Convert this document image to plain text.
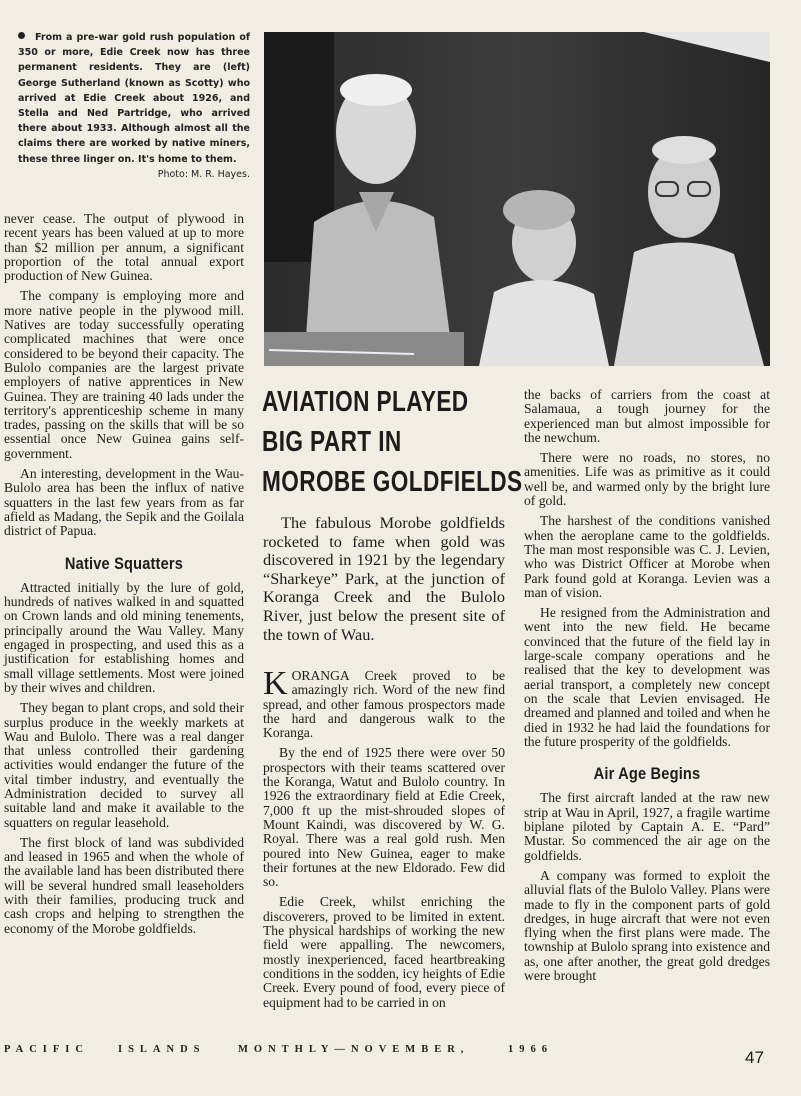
From a pre-war gold rush population of 350 or more, Edie Creek now has three permanent residents. They are (left) George Sutherland (known as Scotty) who arrived at Edie Creek about 1926, and Stella and Ned Partridge, who arrived there about 1933. Although almost all the claims there are worked by native miners, these three linger on. It's home to them.
Photo: M. R. Hayes.

never cease. The output of plywood in recent years has been valued at up to more than $2 million per annum, a significant proportion of the total annual export production of New Guinea.

The company is employing more and more native people in the plywood mill. Natives are today successfully operating complicated machines that were once considered to be beyond their capacity. The Bulolo companies are the largest private employers of native apprentices in New Guinea. They are training 40 lads under the territory's apprenticeship scheme in many trades, passing on the skills that will be so essential once New Guinea gains self-government.

An interesting, development in the Wau-Bulolo area has been the influx of native squatters in the last few years from as far afield as Madang, the Sepik and the Goilala district of Papua.

Native Squatters

Attracted initially by the lure of gold, hundreds of natives walked in and squatted on Crown lands and old mining tenements, principally around the Wau Valley. Many engaged in prospecting, and used this as a justification for establishing homes and small village settlements. Most were joined by their wives and children.

They began to plant crops, and sold their surplus produce in the weekly markets at Wau and Bulolo. There was a real danger that unless controlled their gardening activities would endanger the future of the vital timber industry, and eventually the Administration decided to survey all suitable land and make it available to the squatters on regular leasehold.

The first block of land was subdivided and leased in 1965 and when the whole of the available land has been distributed there will be several hundred small leaseholders with their families, producing truck and cash crops and helping to strengthen the economy of the Morobe goldfields.

AVIATION PLAYED
BIG PART IN
MOROBE GOLDFIELDS

The fabulous Morobe goldfields rocketed to fame when gold was discovered in 1921 by the legendary “Sharkeye” Park, at the junction of Koranga Creek and the Bulolo River, just below the present site of the town of Wau.

KORANGA Creek proved to be amazingly rich. Word of the new find spread, and other famous prospectors made the hard and dangerous walk to the Koranga.

By the end of 1925 there were over 50 prospectors with their teams scattered over the Koranga, Watut and Bulolo country. In 1926 the extraordinary field at Edie Creek, 7,000 ft up the mist-shrouded slopes of Mount Kaindi, was discovered by W. G. Royal. There was a real gold rush. Men poured into New Guinea, eager to make their fortunes at the new Eldorado. Few did so.

Edie Creek, whilst enriching the discoverers, proved to be limited in extent. The physical hardships of working the new field were appalling. The newcomers, mostly inexperienced, faced heartbreaking conditions in the sodden, icy heights of Edie Creek. Every pound of food, every piece of equipment had to be carried in on

the backs of carriers from the coast at Salamaua, a tough journey for the experienced man but almost impossible for the newchum.

There were no roads, no stores, no amenities. Life was as primitive as it could well be, and warmed only by the bright lure of gold.

The harshest of the conditions vanished when the aeroplane came to the goldfields. The man most responsible was C. J. Levien, who was District Officer at Morobe when Park found gold at Koranga. Levien was a man of vision.

He resigned from the Administration and went into the new field. He became convinced that the future of the field lay in large-scale company operations and he realised that the key to development was aerial transport, a completely new concept on the scale that Levien envisaged. He dreamed and planned and toiled and when he died in 1932 he had laid the foundations for the future prosperity of the goldfields.

Air Age Begins

The first aircraft landed at the raw new strip at Wau in April, 1927, a fragile wartime biplane piloted by Captain A. E. “Pard” Mustar. So commenced the air age on the goldfields.

A company was formed to exploit the alluvial flats of the Bulolo Valley. Plans were made to fly in the component parts of gold dredges, in huge aircraft that were not even flying when the first plans were made. The township at Bulolo sprang into existence and as, one after another, the great gold dredges were brought

PACIFIC	ISLANDS	MONTHLY—NOVEMBER,	1966	47
